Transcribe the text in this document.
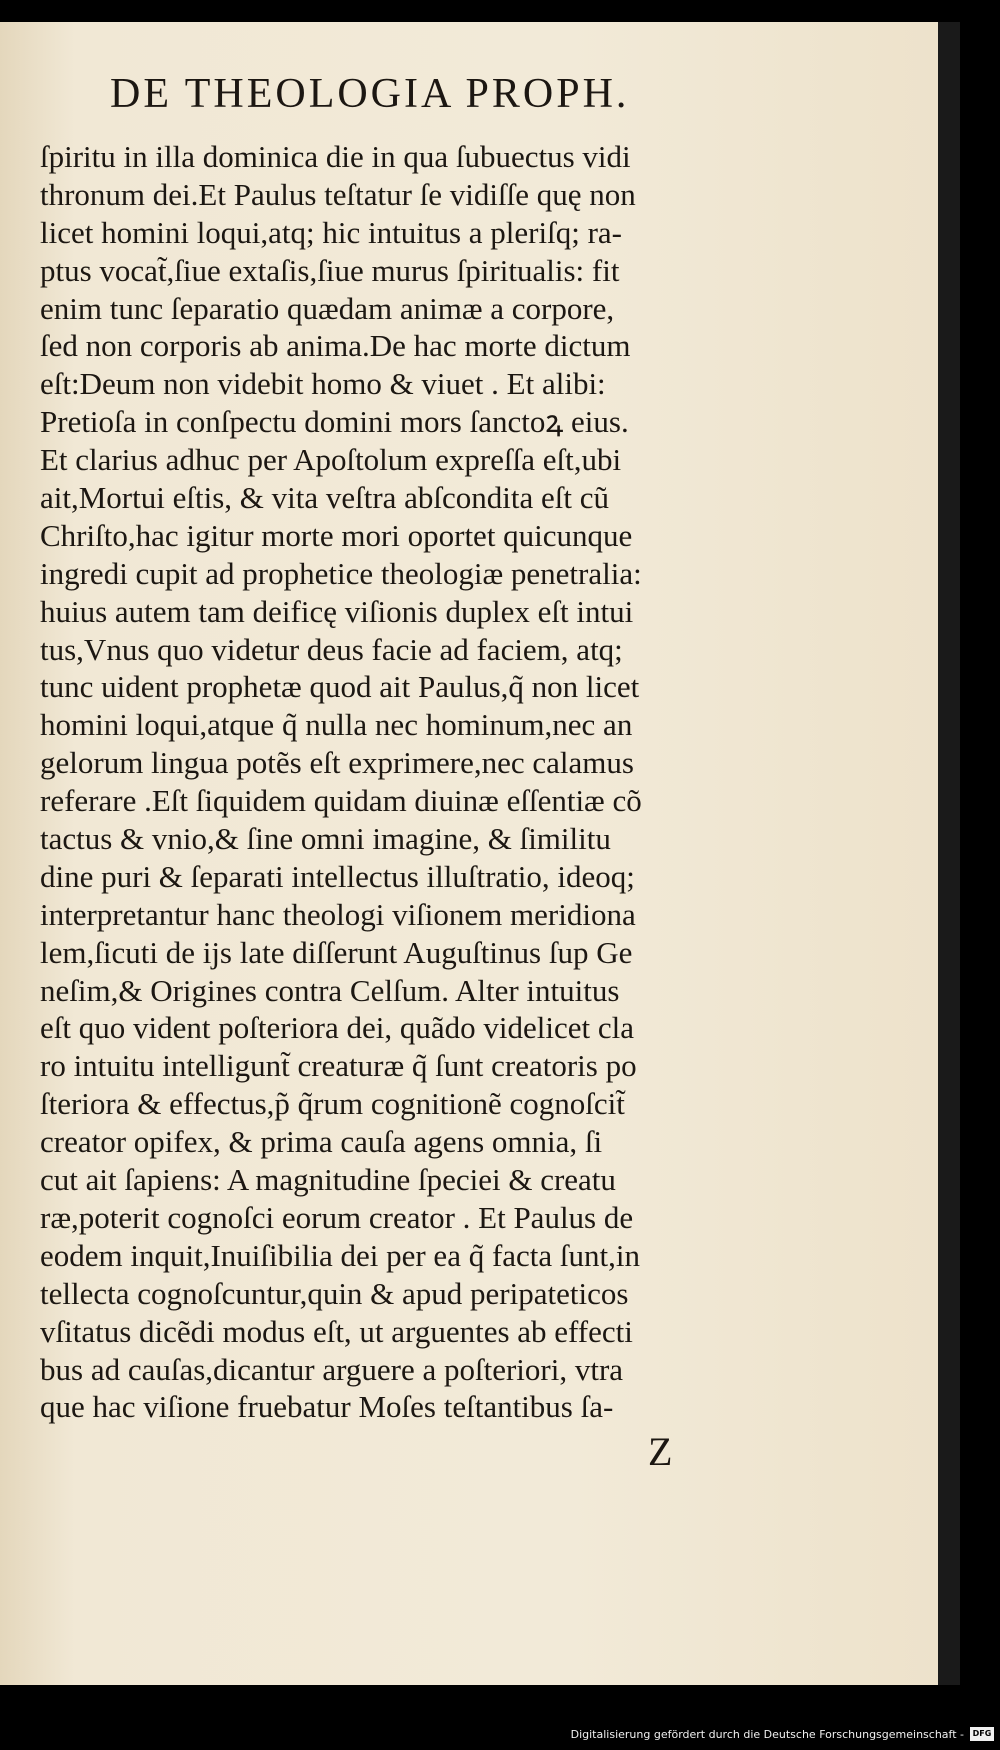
DE THEOLOGIA PROPH.
ſpiritu in illa dominica die in qua ſubuectus vidi
thronum dei.Et Paulus teſtatur ſe vidiſſe quę non
licet homini loqui,atq; hic intuitus a pleriſq; ra-
ptus vocat̃,ſiue extaſis,ſiue murus ſpiritualis: fit
enim tunc ſeparatio quædam animæ a corpore,
ſed non corporis ab anima.De hac morte dictum
eſt:Deum non videbit homo & viuet . Et alibi:
Pretioſa in conſpectu domini mors ſanctoꝝ eius.
Et clarius adhuc per Apoſtolum expreſſa eſt,ubi
ait,Mortui eſtis, & vita veſtra abſcondita eſt cũ
Chriſto,hac igitur morte mori oportet quicunque
ingredi cupit ad prophetice theologiæ penetralia:
huius autem tam deificę viſionis duplex eſt intui
tus,Vnus quo videtur deus facie ad faciem, atq;
tunc uident prophetæ quod ait Paulus,q̃ non licet
homini loqui,atque q̃ nulla nec hominum,nec an
gelorum lingua potẽs eſt exprimere,nec calamus
referare .Eſt ſiquidem quidam diuinæ eſſentiæ cõ
tactus & vnio,& ſine omni imagine, & ſimilitu
dine puri & ſeparati intellectus illuſtratio, ideoq;
interpretantur hanc theologi viſionem meridiona
lem,ſicuti de ijs late diſſerunt Auguſtinus ſup Ge
neſim,& Origines contra Celſum. Alter intuitus
eſt quo vident poſteriora dei, quãdo videlicet cla
ro intuitu intelligunt̃ creaturæ q̃ ſunt creatoris po
ſteriora & effectus,p̃ q̃rum cognitionẽ cognoſcit̃
creator opifex, & prima cauſa agens omnia, ſi
cut ait ſapiens: A magnitudine ſpeciei & creatu
ræ,poterit cognoſci eorum creator . Et Paulus de
eodem inquit,Inuiſibilia dei per ea q̃ facta ſunt,in
tellecta cognoſcuntur,quin & apud peripateticos
vſitatus dicẽdi modus eſt, ut arguentes ab effecti
bus ad cauſas,dicantur arguere a poſteriori, vtra
que hac viſione fruebatur Moſes teſtantibus ſa-
Z
Digitalisierung gefördert durch die Deutsche Forschungsgemeinschaft -	DFG
